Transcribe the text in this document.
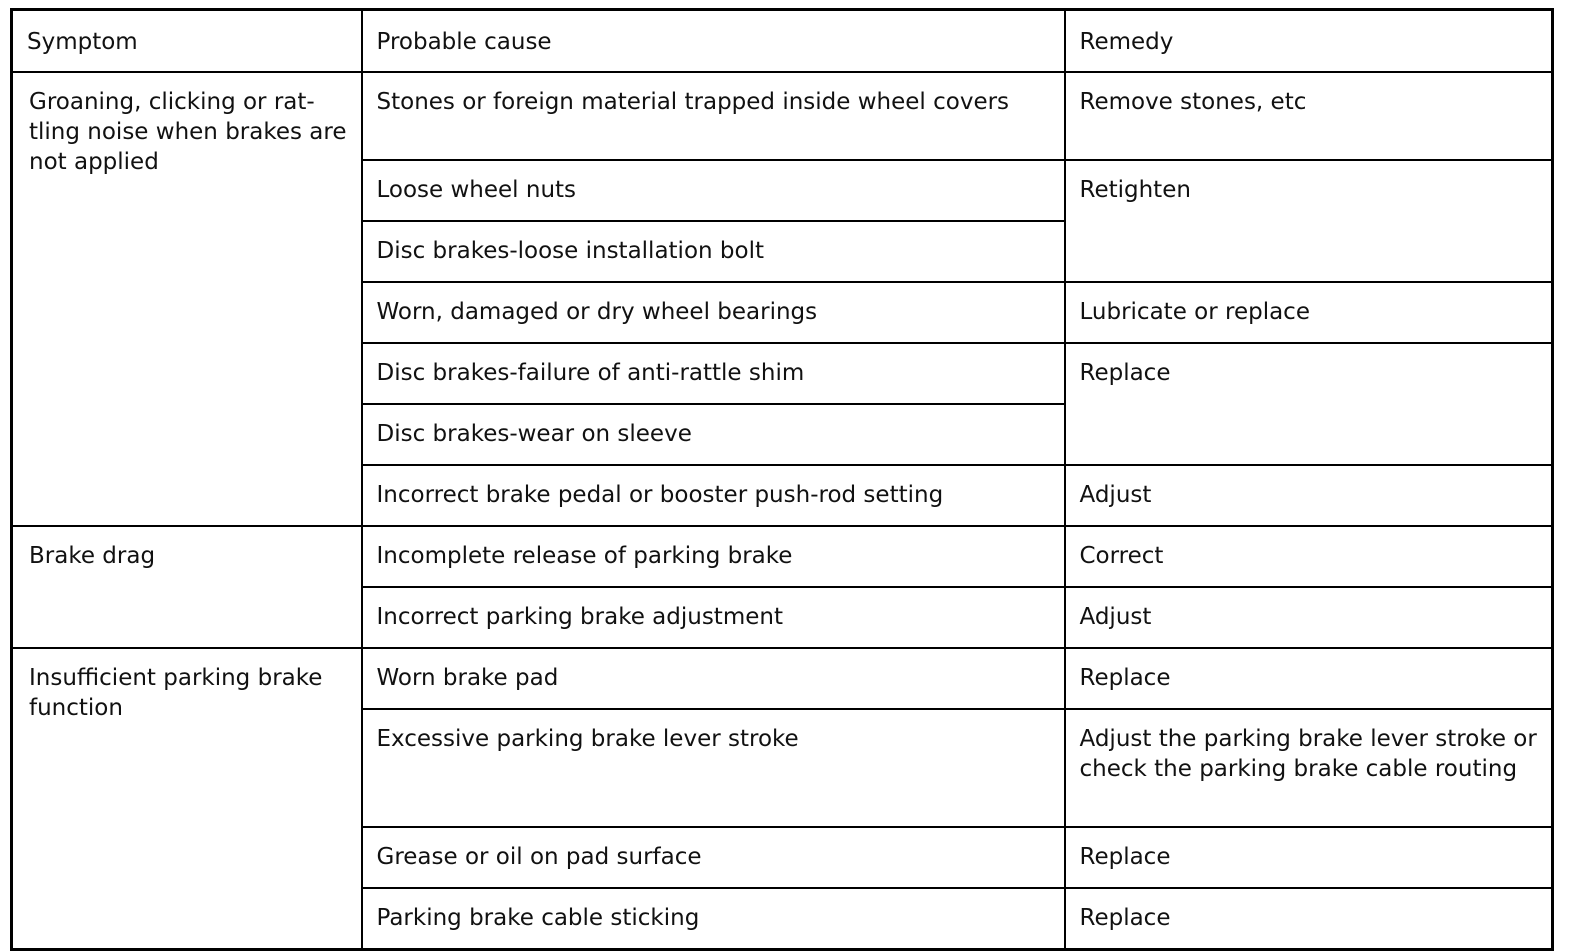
Symptom	Probable cause	Remedy
Groaning, clicking or rat-tling noise when brakes are not applied	Stones or foreign material trapped inside wheel covers	Remove stones, etc
	Loose wheel nuts	Retighten
	Disc brakes-loose installation bolt	
	Worn, damaged or dry wheel bearings	Lubricate or replace
	Disc brakes-failure of anti-rattle shim	Replace
	Disc brakes-wear on sleeve	
	Incorrect brake pedal or booster push-rod setting	Adjust
Brake drag	Incomplete release of parking brake	Correct
	Incorrect parking brake adjustment	Adjust
Insufficient parking brake function	Worn brake pad	Replace
	Excessive parking brake lever stroke	Adjust the parking brake lever stroke or check the parking brake cable routing
	Grease or oil on pad surface	Replace
	Parking brake cable sticking	Replace
